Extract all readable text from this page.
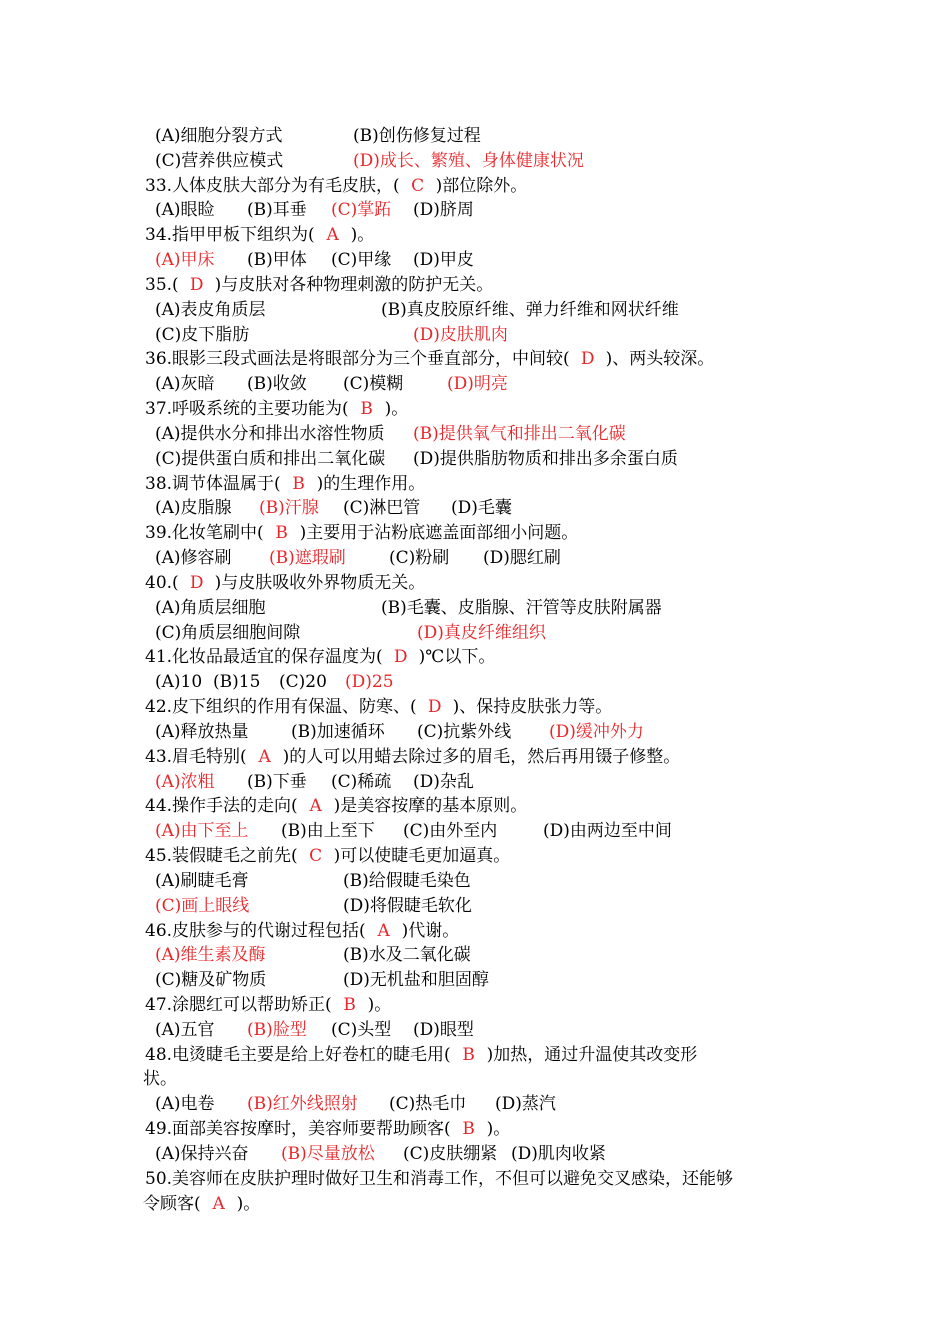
(A)细胞分裂方式	(B)创伤修复过程
(C)营养供应模式	(D)成长、繁殖、身体健康状况
33.人体皮肤大部分为有毛皮肤，( C )部位除外。
(A)眼睑 (B)耳垂 (C)掌跖 (D)脐周
34.指甲甲板下组织为( A )。
(A)甲床 (B)甲体 (C)甲缘 (D)甲皮
35.( D )与皮肤对各种物理刺激的防护无关。
(A)表皮角质层	(B)真皮胶原纤维、弹力纤维和网状纤维
(C)皮下脂肪	(D)皮肤肌肉
36.眼影三段式画法是将眼部分为三个垂直部分，中间较( D )、两头较深。
(A)灰暗 (B)收敛 (C)模糊	(D)明亮
37.呼吸系统的主要功能为( B )。
(A)提供水分和排出水溶性物质 (B)提供氧气和排出二氧化碳
(C)提供蛋白质和排出二氧化碳 (D)提供脂肪物质和排出多余蛋白质
38.调节体温属于( B )的生理作用。
(A)皮脂腺 (B)汗腺 (C)淋巴管 (D)毛囊
39.化妆笔刷中( B )主要用于沾粉底遮盖面部细小问题。
(A)修容刷 (B)遮瑕刷	(C)粉刷 (D)腮红刷
40.( D )与皮肤吸收外界物质无关。
(A)角质层细胞	(B)毛囊、皮脂腺、汗管等皮肤附属器
(C)角质层细胞间隙	(D)真皮纤维组织
41.化妆品最适宜的保存温度为( D )℃以下。
(A)10 (B)15 (C)20 (D)25
42.皮下组织的作用有保温、防寒、( D )、保持皮肤张力等。
(A)释放热量 (B)加速循环 (C)抗紫外线 (D)缓冲外力
43.眉毛特别( A )的人可以用蜡去除过多的眉毛，然后再用镊子修整。
(A)浓粗 (B)下垂 (C)稀疏 (D)杂乱
44.操作手法的走向( A )是美容按摩的基本原则。
(A)由下至上 (B)由上至下 (C)由外至内	(D)由两边至中间
45.装假睫毛之前先( C )可以使睫毛更加逼真。
(A)刷睫毛膏	(B)给假睫毛染色
(C)画上眼线	(D)将假睫毛软化
46.皮肤参与的代谢过程包括( A )代谢。
(A)维生素及酶	(B)水及二氧化碳
(C)糖及矿物质	(D)无机盐和胆固醇
47.涂腮红可以帮助矫正( B )。
(A)五官 (B)脸型 (C)头型 (D)眼型
48.电烫睫毛主要是给上好卷杠的睫毛用( B )加热，通过升温使其改变形
状。
(A)电卷 (B)红外线照射 (C)热毛巾 (D)蒸汽
49.面部美容按摩时，美容师要帮助顾客( B )。
(A)保持兴奋 (B)尽量放松 (C)皮肤绷紧 (D)肌肉收紧
50.美容师在皮肤护理时做好卫生和消毒工作，不但可以避免交叉感染，还能够
令顾客( A )。
